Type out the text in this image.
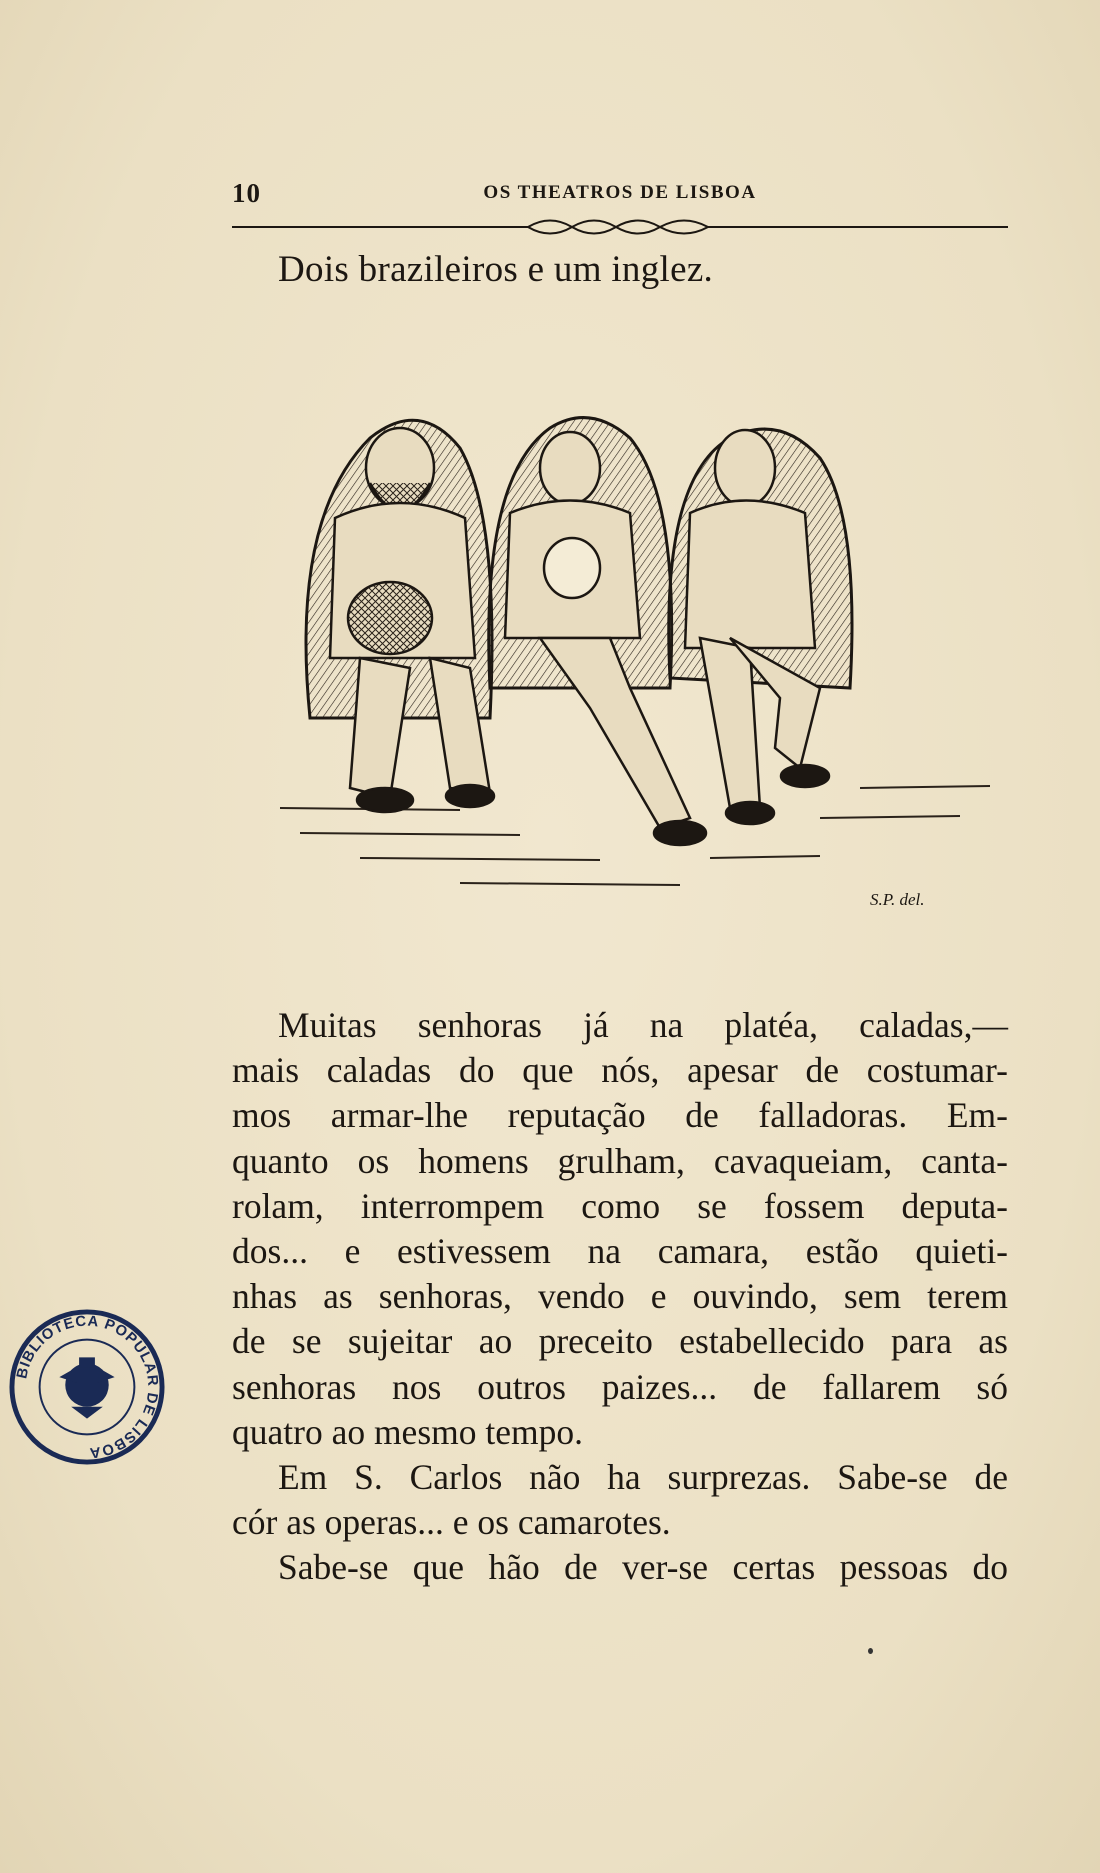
10	OS THEATROS DE LISBOA
Dois brazileiros e um inglez.
S.P. del.
Muitas senhoras já na platéa, caladas,—
mais caladas do que nós, apesar de costumar-
mos armar-lhe reputação de falladoras. Em-
quanto os homens grulham, cavaqueiam, canta-
rolam, interrompem como se fossem deputa-
dos... e estivessem na camara, estão quieti-
nhas as senhoras, vendo e ouvindo, sem terem
de se sujeitar ao preceito estabellecido para as
senhoras nos outros paizes... de fallarem só
quatro ao mesmo tempo.
Em S. Carlos não ha surprezas. Sabe-se de
cór as operas... e os camarotes.
Sabe-se que hão de ver-se certas pessoas do
BIBLIOTECA POPULAR DE LISBOA
